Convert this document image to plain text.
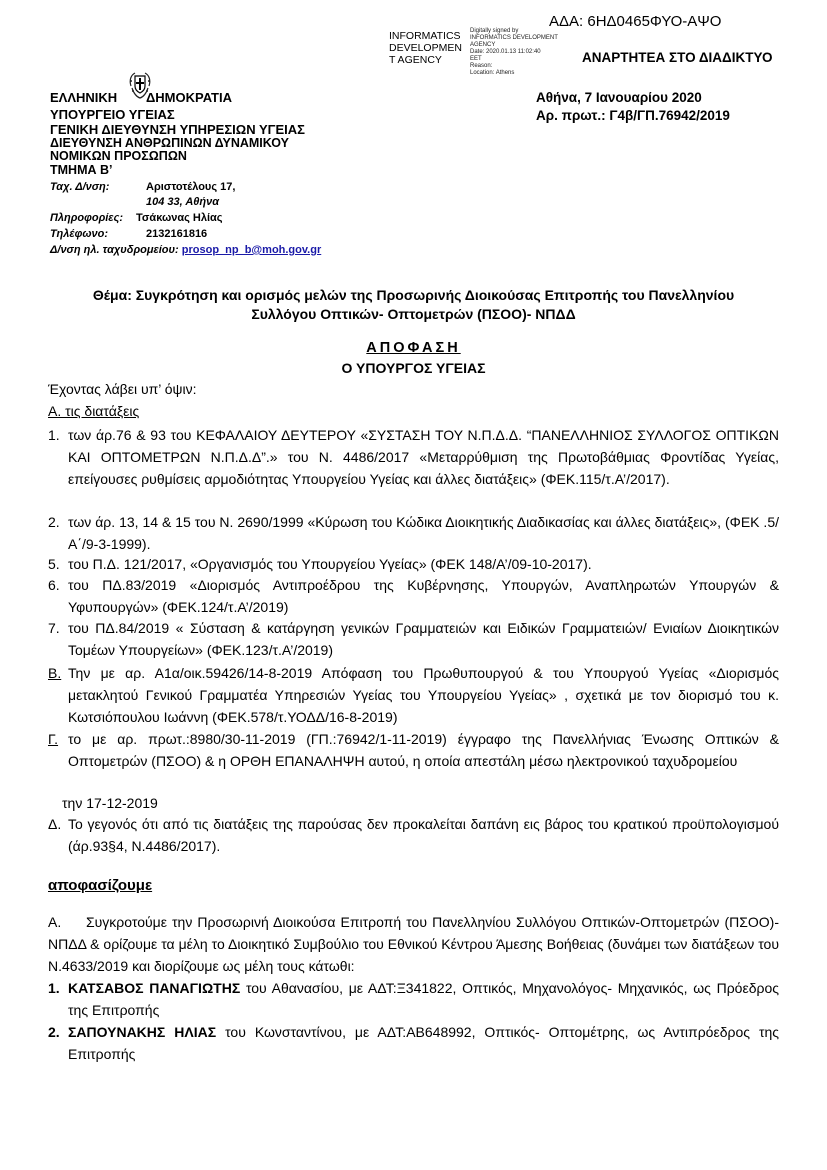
ΑΔΑ: 6ΗΔ0465ΦΥΟ-ΑΨΟ
INFORMATICS DEVELOPMEN T AGENCY
Digitally signed by INFORMATICS DEVELOPMENT AGENCY
Date: 2020.01.13 11:02:40
EET
Reason:
Location: Athens
ΑΝΑΡΤΗΤΕΑ ΣΤΟ ΔΙΑΔΙΚΤΥΟ
ΕΛΛΗΝΙΚΗ ΔΗΜΟΚΡΑΤΙΑ
ΥΠΟΥΡΓΕΙΟ ΥΓΕΙΑΣ
ΓΕΝΙΚΗ ΔΙΕΥΘΥΝΣΗ ΥΠΗΡΕΣΙΩΝ ΥΓΕΙΑΣ
ΔΙΕΥΘΥΝΣΗ ΑΝΘΡΩΠΙΝΩΝ ΔΥΝΑΜΙΚΟΥ
ΝΟΜΙΚΩΝ ΠΡΟΣΩΠΩΝ
ΤΜΗΜΑ Β’
Αθήνα, 7 Ιανουαρίου 2020
Αρ. πρωτ.: Γ4β/ΓΠ.76942/2019
Ταχ. Δ/νση:	Αριστοτέλους 17,
104 33, Αθήνα
Πληροφορίες: Τσάκωνας Ηλίας
Τηλέφωνο:	2132161816
Δ/νση ηλ. ταχυδρομείου: prosop_np_b@moh.gov.gr
Θέμα: Συγκρότηση και ορισμός μελών της Προσωρινής Διοικούσας Επιτροπής του Πανελληνίου
Συλλόγου Οπτικών- Οπτομετρών (ΠΣΟΟ)- ΝΠΔΔ
ΑΠΟΦΑΣΗ
Ο ΥΠΟΥΡΓΟΣ ΥΓΕΙΑΣ
Έχοντας λάβει υπ’ όψιν:
Α. τις διατάξεις
1. των άρ.76 & 93 του ΚΕΦΑΛΑΙΟΥ ΔΕΥΤΕΡΟΥ «ΣΥΣΤΑΣΗ ΤΟΥ Ν.Π.Δ.Δ. “ΠΑΝΕΛΛΗΝΙΟΣ ΣΥΛΛΟΓΟΣ ΟΠΤΙΚΩΝ ΚΑΙ ΟΠΤΟΜΕΤΡΩΝ Ν.Π.Δ.Δ”.» του Ν. 4486/2017 «Μεταρρύθμιση της Πρωτοβάθμιας Φροντίδας Υγείας, επείγουσες ρυθμίσεις αρμοδιότητας Υπουργείου Υγείας και άλλες διατάξεις» (ΦΕΚ.115/τ.Α’/2017).
2. των άρ. 13, 14 & 15 του Ν. 2690/1999 «Κύρωση του Κώδικα Διοικητικής Διαδικασίας και άλλες διατάξεις», (ΦΕΚ .5/Α΄/9-3-1999).
5. του Π.Δ. 121/2017, «Οργανισμός του Υπουργείου Υγείας» (ΦΕΚ 148/Α’/09-10-2017).
6. του ΠΔ.83/2019 «Διορισμός Αντιπροέδρου της Κυβέρνησης, Υπουργών, Αναπληρωτών Υπουργών & Υφυπουργών» (ΦΕΚ.124/τ.Α’/2019)
7. του ΠΔ.84/2019 « Σύσταση & κατάργηση γενικών Γραμματειών και Ειδικών Γραμματειών/ Ενιαίων Διοικητικών Τομέων Υπουργείων» (ΦΕΚ.123/τ.Α’/2019)
Β. Την με αρ. Α1α/οικ.59426/14-8-2019 Απόφαση του Πρωθυπουργού & του Υπουργού Υγείας «Διορισμός μετακλητού Γενικού Γραμματέα Υπηρεσιών Υγείας του Υπουργείου Υγείας» , σχετικά με τον διορισμό του κ. Κωτσιόπουλου Ιωάννη (ΦΕΚ.578/τ.ΥΟΔΔ/16-8-2019)
Γ. το με αρ. πρωτ.:8980/30-11-2019 (ΓΠ.:76942/1-11-2019) έγγραφο της Πανελλήνιας Ένωσης Οπτικών & Οπτομετρών (ΠΣΟΟ) & η ΟΡΘΗ ΕΠΑΝΑΛΗΨΗ αυτού, η οποία απεστάλη μέσω ηλεκτρονικού ταχυδρομείου
την 17-12-2019
Δ. Το γεγονός ότι από τις διατάξεις της παρούσας δεν προκαλείται δαπάνη εις βάρος του κρατικού προϋπολογισμού (άρ.93§4, Ν.4486/2017).
αποφασίζουμε
Α.	Συγκροτούμε την Προσωρινή Διοικούσα Επιτροπή του Πανελληνίου Συλλόγου Οπτικών-Οπτομετρών (ΠΣΟΟ)- ΝΠΔΔ & ορίζουμε τα μέλη το Διοικητικό Συμβούλιο του Εθνικού Κέντρου Άμεσης Βοήθειας (δυνάμει των διατάξεων του Ν.4633/2019 και διορίζουμε ως μέλη τους κάτωθι:
1. ΚΑΤΣΑΒΟΣ ΠΑΝΑΓΙΩΤΗΣ του Αθανασίου, με ΑΔΤ:Ξ341822, Οπτικός, Μηχανολόγος- Μηχανικός, ως Πρόεδρος της Επιτροπής
2. ΣΑΠΟΥΝΑΚΗΣ ΗΛΙΑΣ του Κωνσταντίνου, με ΑΔΤ:ΑΒ648992, Οπτικός- Οπτομέτρης, ως Αντιπρόεδρος της Επιτροπής
